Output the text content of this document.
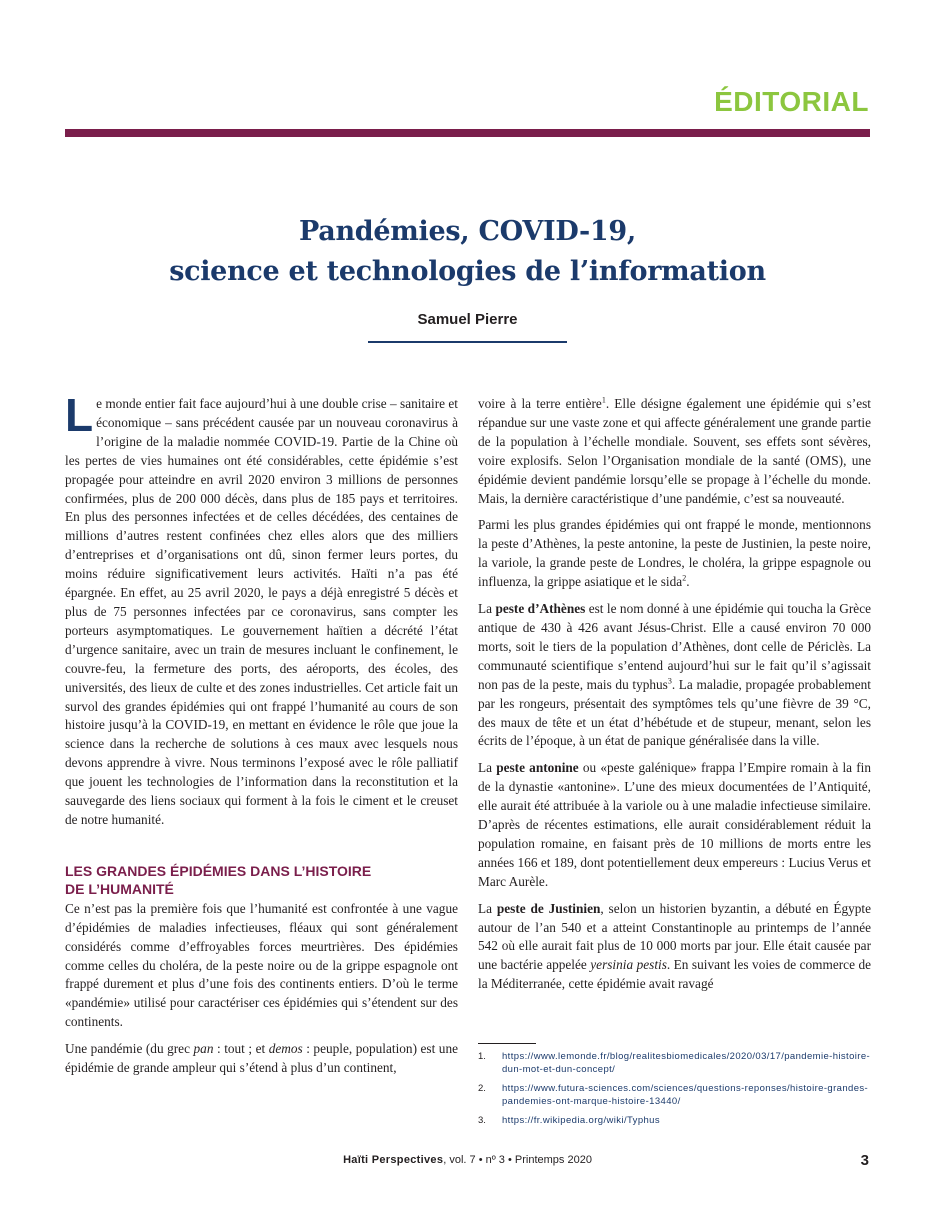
ÉDITORIAL
Pandémies, COVID-19,
science et technologies de l’information
Samuel Pierre

Le monde entier fait face aujourd’hui à une double crise – sanitaire et économique – sans précédent causée par un nouveau coronavirus à l’origine de la maladie nommée COVID-19. Partie de la Chine où les pertes de vies humaines ont été considérables, cette épidémie s’est propagée pour atteindre en avril 2020 environ 3 millions de personnes confirmées, plus de 200 000 décès, dans plus de 185 pays et territoires. En plus des personnes infectées et de celles décédées, des centaines de millions d’autres restent confinées chez elles alors que des milliers d’entreprises et d’organisations ont dû, sinon fermer leurs portes, du moins réduire significativement leurs activités. Haïti n’a pas été épargnée. En effet, au 25 avril 2020, le pays a déjà enregistré 5 décès et plus de 75 personnes infectées par ce coronavirus, sans compter les porteurs asymptomatiques. Le gouvernement haïtien a décrété l’état d’urgence sanitaire, avec un train de mesures incluant le confinement, le couvre-feu, la fermeture des ports, des aéroports, des écoles, des universités, des lieux de culte et des zones industrielles. Cet article fait un survol des grandes épidémies qui ont frappé l’humanité au cours de son histoire jusqu’à la COVID-19, en mettant en évidence le rôle que joue la science dans la recherche de solutions à ces maux avec lesquels nous devons apprendre à vivre. Nous terminons l’exposé avec le rôle palliatif que jouent les technologies de l’information dans la reconstitution et la sauvegarde des liens sociaux qui forment à la fois le ciment et le creuset de notre humanité.

LES GRANDES ÉPIDÉMIES DANS L’HISTOIRE
DE L’HUMANITÉ

Ce n’est pas la première fois que l’humanité est confrontée à une vague d’épidémies de maladies infectieuses, fléaux qui sont généralement considérés comme d’effroyables forces meurtrières. Des épidémies comme celles du choléra, de la peste noire ou de la grippe espagnole ont frappé durement et plus d’une fois des continents entiers. D’où le terme «pandémie» utilisé pour caractériser ces épidémies qui s’étendent sur des continents.

Une pandémie (du grec pan : tout ; et demos : peuple, population) est une épidémie de grande ampleur qui s’étend à plus d’un continent,

voire à la terre entière$^1$. Elle désigne également une épidémie qui s’est répandue sur une vaste zone et qui affecte généralement une grande partie de la population à l’échelle mondiale. Souvent, ses effets sont sévères, voire explosifs. Selon l’Organisation mondiale de la santé (OMS), une épidémie devient pandémie lorsqu’elle se propage à l’échelle du monde. Mais, la dernière caractéristique d’une pandémie, c’est sa nouveauté.

Parmi les plus grandes épidémies qui ont frappé le monde, mentionnons la peste d’Athènes, la peste antonine, la peste de Justinien, la peste noire, la variole, la grande peste de Londres, le choléra, la grippe espagnole ou influenza, la grippe asiatique et le sida$^2$.

La peste d’Athènes est le nom donné à une épidémie qui toucha la Grèce antique de 430 à 426 avant Jésus-Christ. Elle a causé environ 70 000 morts, soit le tiers de la population d’Athènes, dont celle de Périclès. La communauté scientifique s’entend aujourd’hui sur le fait qu’il s’agissait non pas de la peste, mais du typhus$^3$. La maladie, propagée probablement par les rongeurs, présentait des symptômes tels qu’une fièvre de 39 °C, des maux de tête et un état d’hébétude et de stupeur, menant, selon les écrits de l’époque, à un état de panique généralisée dans la ville.

La peste antonine ou «peste galénique» frappa l’Empire romain à la fin de la dynastie «antonine». L’une des mieux documentées de l’Antiquité, elle aurait été attribuée à la variole ou à une maladie infectieuse similaire. D’après de récentes estimations, elle aurait considérablement réduit la population romaine, en faisant près de 10 millions de morts entre les années 166 et 189, dont potentiellement deux empereurs : Lucius Verus et Marc Aurèle.

La peste de Justinien, selon un historien byzantin, a débuté en Égypte autour de l’an 540 et a atteint Constantinople au printemps de l’année 542 où elle aurait fait plus de 10 000 morts par jour. Elle était causée par une bactérie appelée yersinia pestis. En suivant les voies de commerce de la Méditerranée, cette épidémie avait ravagé

1.	https://www.lemonde.fr/blog/realitesbiomedicales/2020/03/17/pandemie-histoire-dun-mot-et-dun-concept/
2.	https://www.futura-sciences.com/sciences/questions-reponses/histoire-grandes-pandemies-ont-marque-histoire-13440/
3.	https://fr.wikipedia.org/wiki/Typhus
Haïti Perspectives, vol. 7 • nº 3 • Printemps 2020	3
